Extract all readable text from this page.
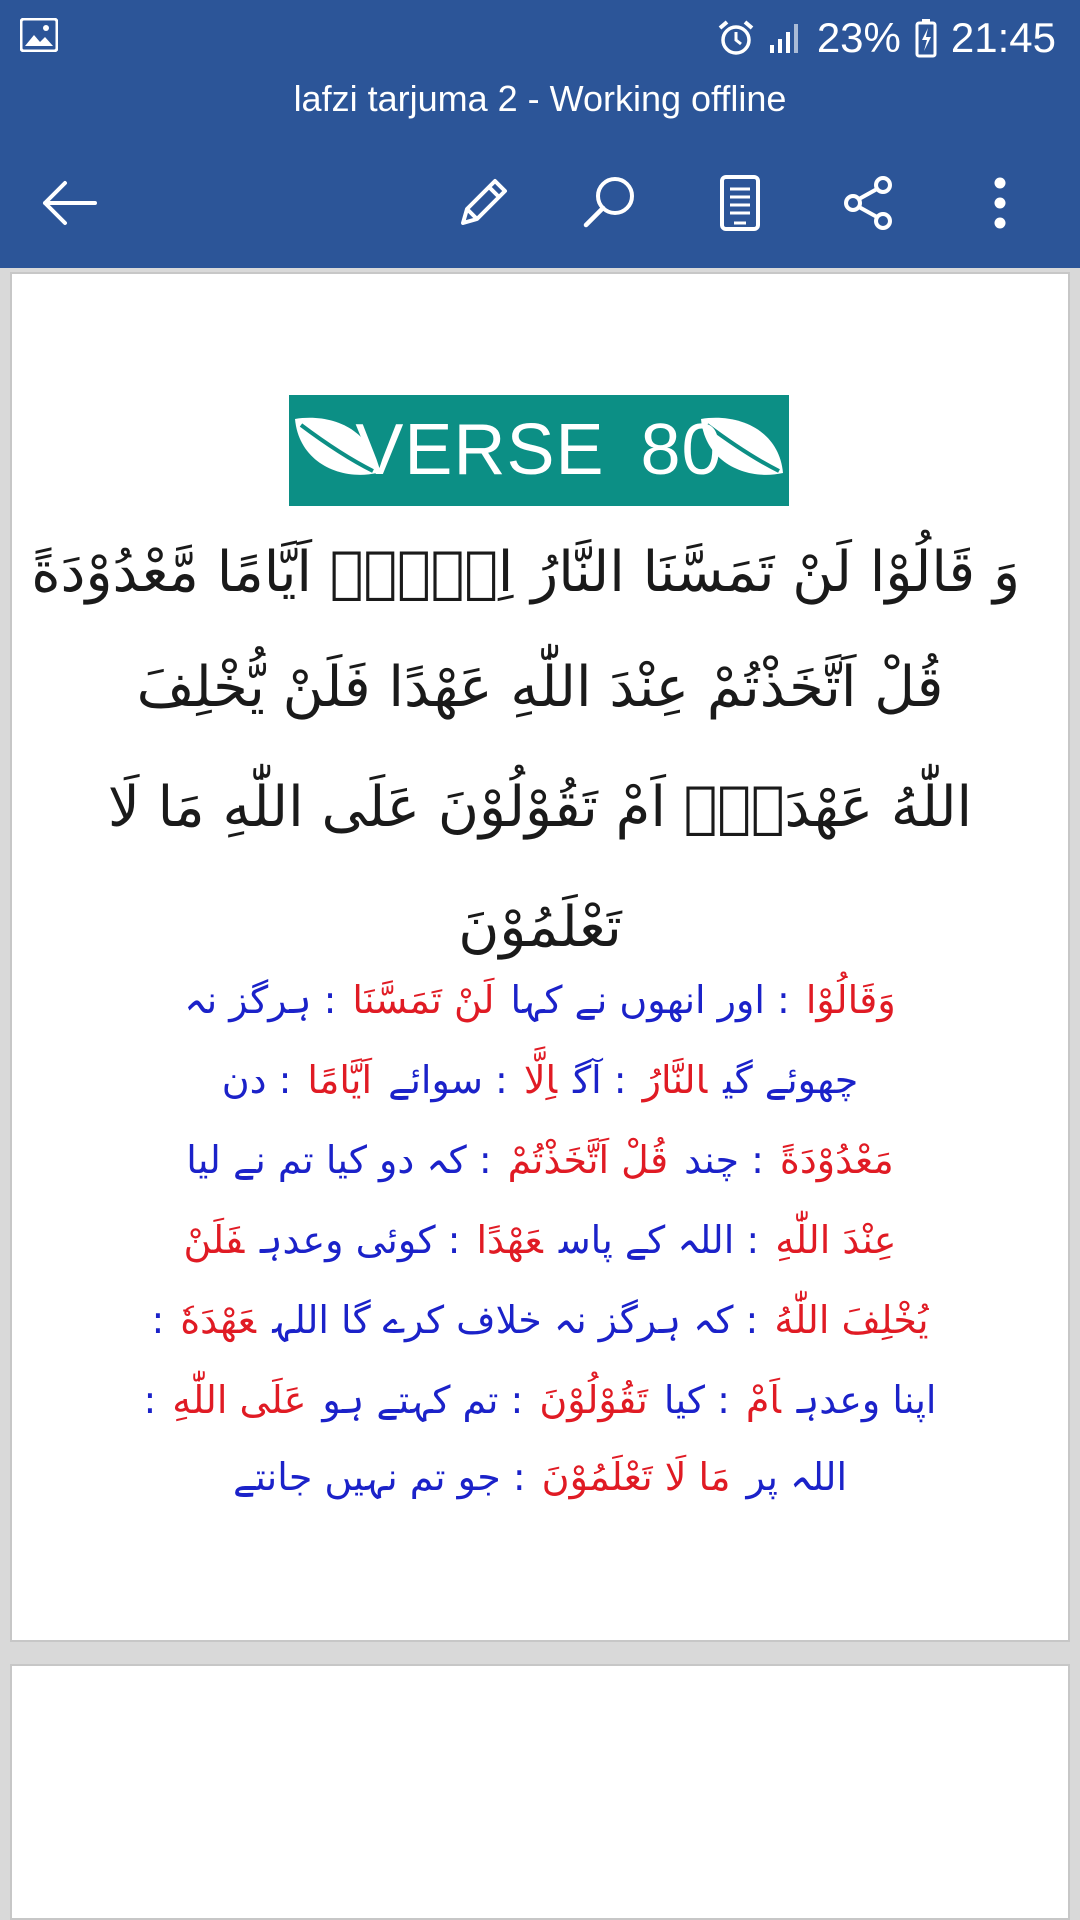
23% 21:45
lafzi tarjuma 2 - Working offline
VERSE 80
وَ قَالُوْا لَنْ تَمَسَّنَا النَّارُ اِلَّاۤ اَيَّامًا مَّعْدُوْدَةً
قُلْ اَتَّخَذْتُمْ عِنْدَ اللّٰهِ عَهْدًا فَلَنْ يُّخْلِفَ
اللّٰهُ عَهْدَهٗۤ اَمْ تَقُوْلُوْنَ عَلَى اللّٰهِ مَا لَا
تَعْلَمُوْنَ
وَقَالُوْا: اور انھوں نے کہالَنْ تَمَسَّنَا: ہرگز نہ
چھوئے گیالنَّارُ: آگاِلَّا: سوائےاَيَّامًا: دن
مَعْدُوْدَةً: چندقُلْ اَتَّخَذْتُمْ: کہ دو کیا تم نے لیا
عِنْدَ اللّٰهِ: اللہ کے پاسعَهْدًا: کوئی وعدہفَلَنْ
يُخْلِفَ اللّٰهُ: کہ ہرگز نہ خلاف کرے گا اللہعَهْدَهٗ:
اپنا وعدہاَمْ: کیاتَقُوْلُوْنَ: تم کہتے ہوعَلَى اللّٰهِ:
اللہ پرمَا لَا تَعْلَمُوْنَ: جو تم نہیں جانتے
